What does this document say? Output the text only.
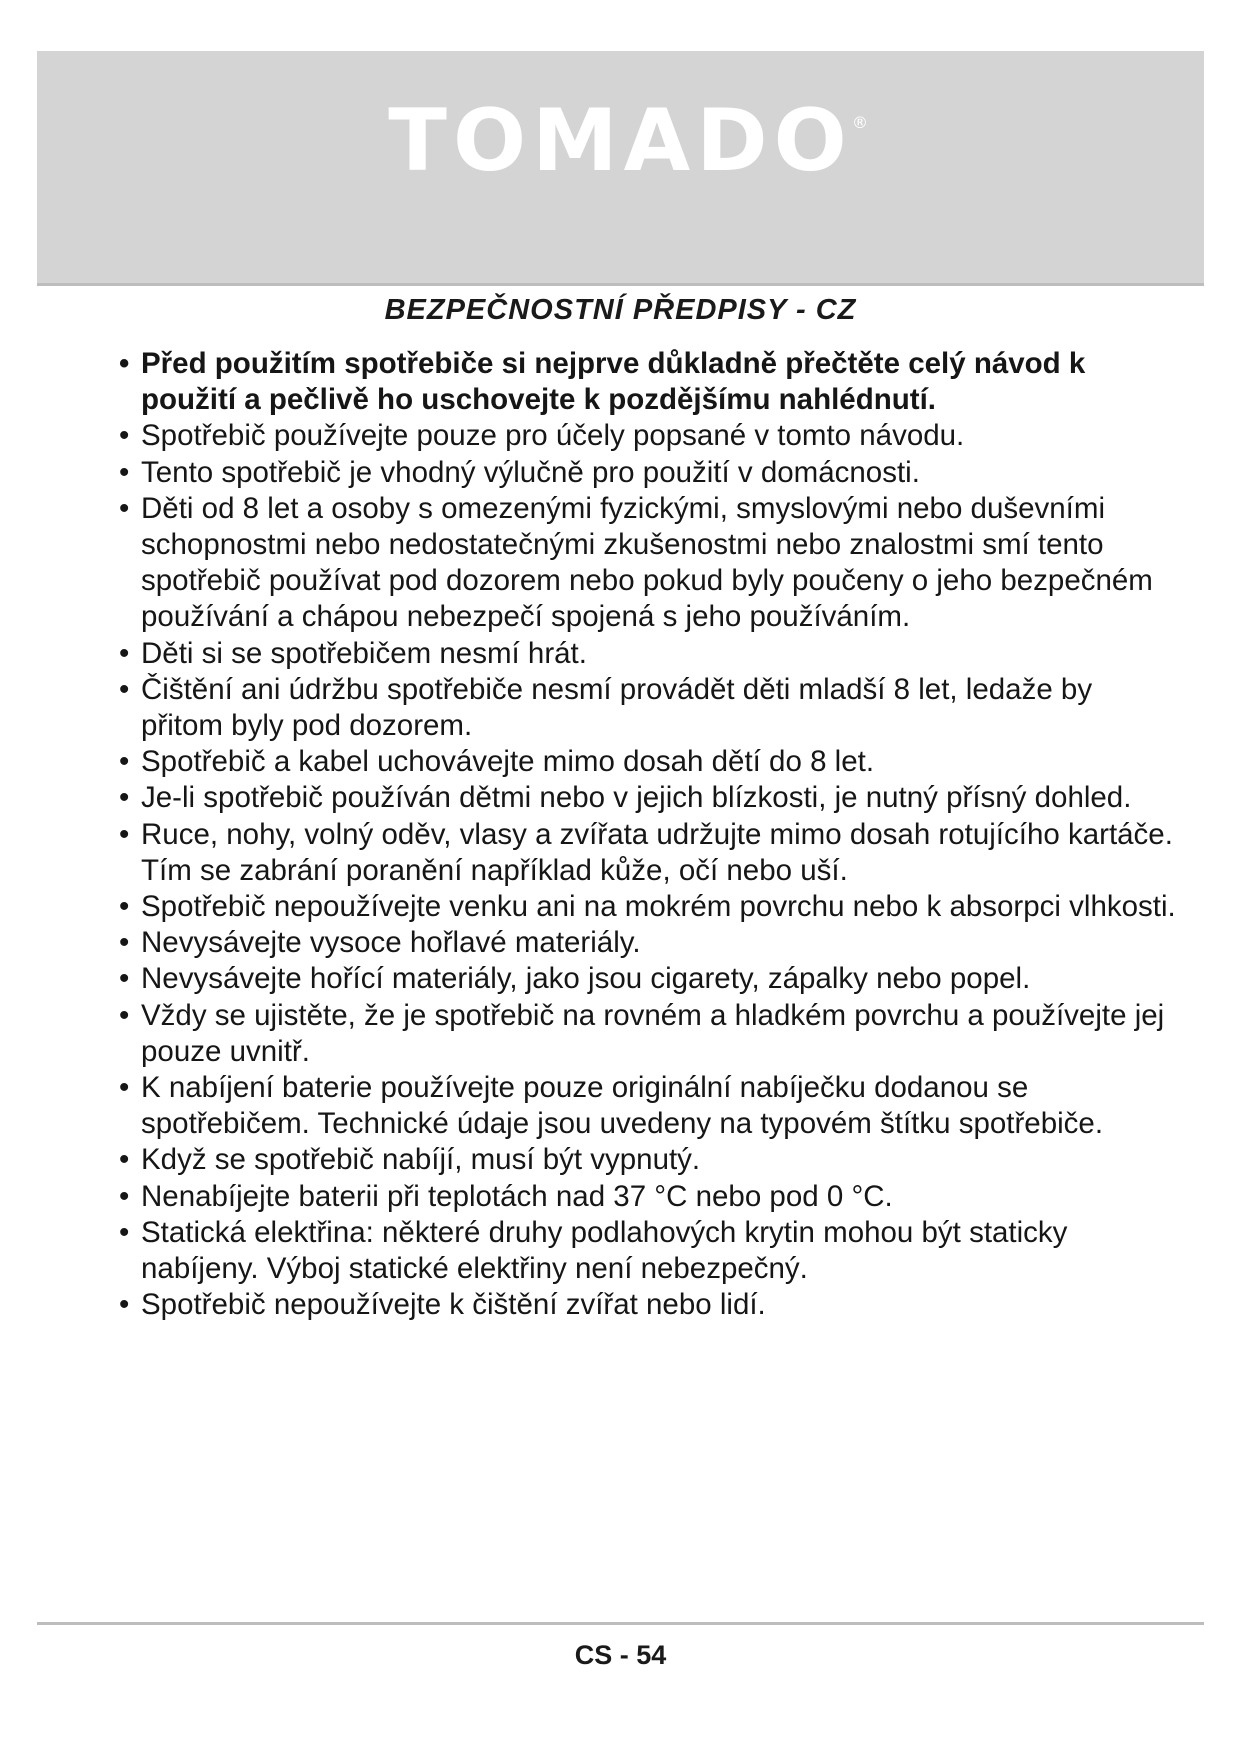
TOMADO ®
BEZPEČNOSTNÍ PŘEDPISY - CZ
• Před použitím spotřebiče si nejprve důkladně přečtěte celý návod k použití a pečlivě ho uschovejte k pozdějšímu nahlédnutí.
• Spotřebič používejte pouze pro účely popsané v tomto návodu.
• Tento spotřebič je vhodný výlučně pro použití v domácnosti.
• Děti od 8 let a osoby s omezenými fyzickými, smyslovými nebo duševními schopnostmi nebo nedostatečnými zkušenostmi nebo znalostmi smí tento spotřebič používat pod dozorem nebo pokud byly poučeny o jeho bezpečném používání a chápou nebezpečí spojená s jeho používáním.
• Děti si se spotřebičem nesmí hrát.
• Čištění ani údržbu spotřebiče nesmí provádět děti mladší 8 let, ledaže by přitom byly pod dozorem.
• Spotřebič a kabel uchovávejte mimo dosah dětí do 8 let.
• Je-li spotřebič používán dětmi nebo v jejich blízkosti, je nutný přísný dohled.
• Ruce, nohy, volný oděv, vlasy a zvířata udržujte mimo dosah rotujícího kartáče. Tím se zabrání poranění například kůže, očí nebo uší.
• Spotřebič nepoužívejte venku ani na mokrém povrchu nebo k absorpci vlhkosti.
• Nevysávejte vysoce hořlavé materiály.
• Nevysávejte hořící materiály, jako jsou cigarety, zápalky nebo popel.
• Vždy se ujistěte, že je spotřebič na rovném a hladkém povrchu a používejte jej pouze uvnitř.
• K nabíjení baterie používejte pouze originální nabíječku dodanou se spotřebičem. Technické údaje jsou uvedeny na typovém štítku spotřebiče.
• Když se spotřebič nabíjí, musí být vypnutý.
• Nenabíjejte baterii při teplotách nad 37 °C nebo pod 0 °C.
• Statická elektřina: některé druhy podlahových krytin mohou být staticky nabíjeny. Výboj statické elektřiny není nebezpečný.
• Spotřebič nepoužívejte k čištění zvířat nebo lidí.
CS - 54
